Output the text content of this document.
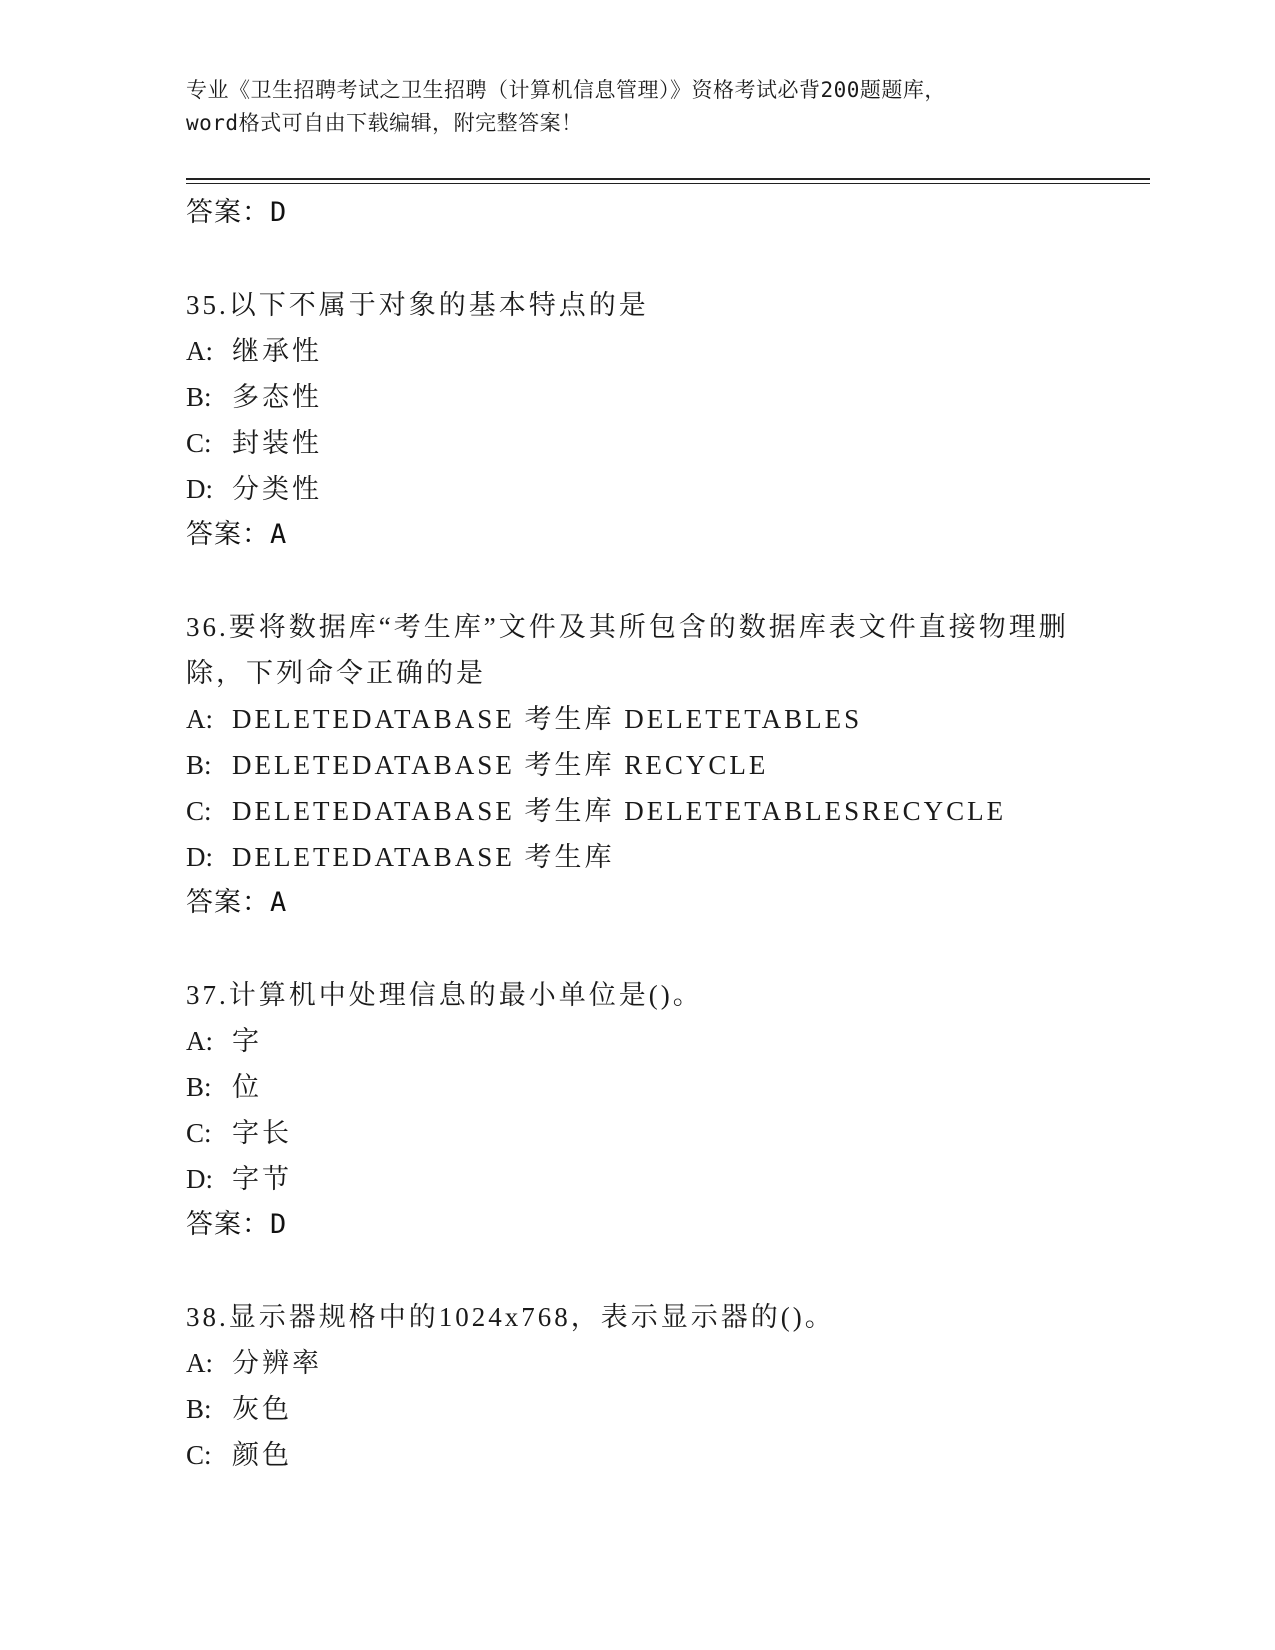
专业《卫生招聘考试之卫生招聘（计算机信息管理）》资格考试必背200题题库，
word格式可自由下载编辑，附完整答案！
答案：D
35.以下不属于对象的基本特点的是
A: 继承性
B: 多态性
C: 封装性
D: 分类性
答案：A
36.要将数据库“考生库”文件及其所包含的数据库表文件直接物理删
除，下列命令正确的是
A: DELETEDATABASE 考生库 DELETETABLES
B: DELETEDATABASE 考生库 RECYCLE
C: DELETEDATABASE 考生库 DELETETABLESRECYCLE
D: DELETEDATABASE 考生库
答案：A
37.计算机中处理信息的最小单位是()。
A: 字
B: 位
C: 字长
D: 字节
答案：D
38.显示器规格中的1024x768，表示显示器的()。
A: 分辨率
B: 灰色
C: 颜色
